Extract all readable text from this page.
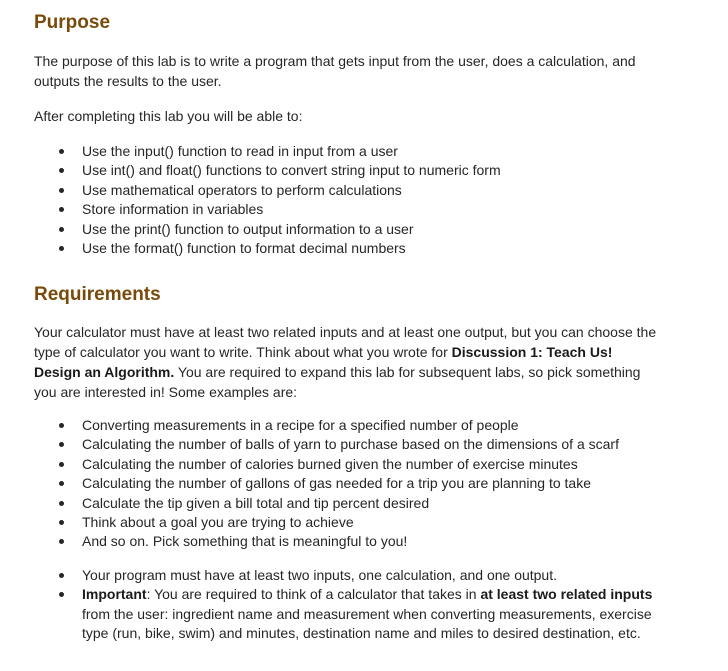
Purpose

The purpose of this lab is to write a program that gets input from the user, does a calculation, and outputs the results to the user.

After completing this lab you will be able to:

Use the input() function to read in input from a user
Use int() and float() functions to convert string input to numeric form
Use mathematical operators to perform calculations
Store information in variables
Use the print() function to output information to a user
Use the format() function to format decimal numbers
Requirements

Your calculator must have at least two related inputs and at least one output, but you can choose the type of calculator you want to write. Think about what you wrote for Discussion 1: Teach Us! Design an Algorithm. You are required to expand this lab for subsequent labs, so pick something you are interested in! Some examples are:

Converting measurements in a recipe for a specified number of people
Calculating the number of balls of yarn to purchase based on the dimensions of a scarf
Calculating the number of calories burned given the number of exercise minutes
Calculating the number of gallons of gas needed for a trip you are planning to take
Calculate the tip given a bill total and tip percent desired
Think about a goal you are trying to achieve
And so on. Pick something that is meaningful to you!
Your program must have at least two inputs, one calculation, and one output.
Important: You are required to think of a calculator that takes in at least two related inputs from the user: ingredient name and measurement when converting measurements, exercise type (run, bike, swim) and minutes, destination name and miles to desired destination, etc.
